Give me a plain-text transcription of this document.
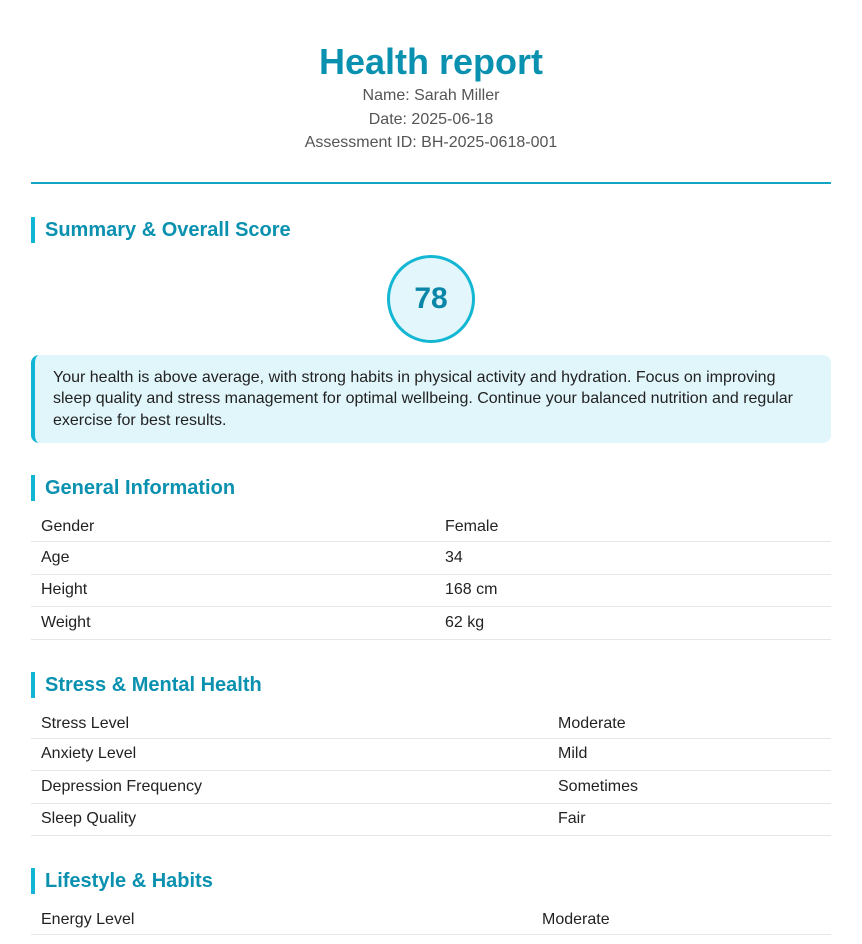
Health report
Name: Sarah Miller
Date: 2025-06-18
Assessment ID: BH-2025-0618-001
Summary & Overall Score
78
Your health is above average, with strong habits in physical activity and hydration. Focus on improving sleep quality and stress management for optimal wellbeing. Continue your balanced nutrition and regular exercise for best results.
General Information
Gender	Female
Age	34
Height	168 cm
Weight	62 kg
Stress & Mental Health
Stress Level	Moderate
Anxiety Level	Mild
Depression Frequency	Sometimes
Sleep Quality	Fair
Lifestyle & Habits
Energy Level	Moderate
